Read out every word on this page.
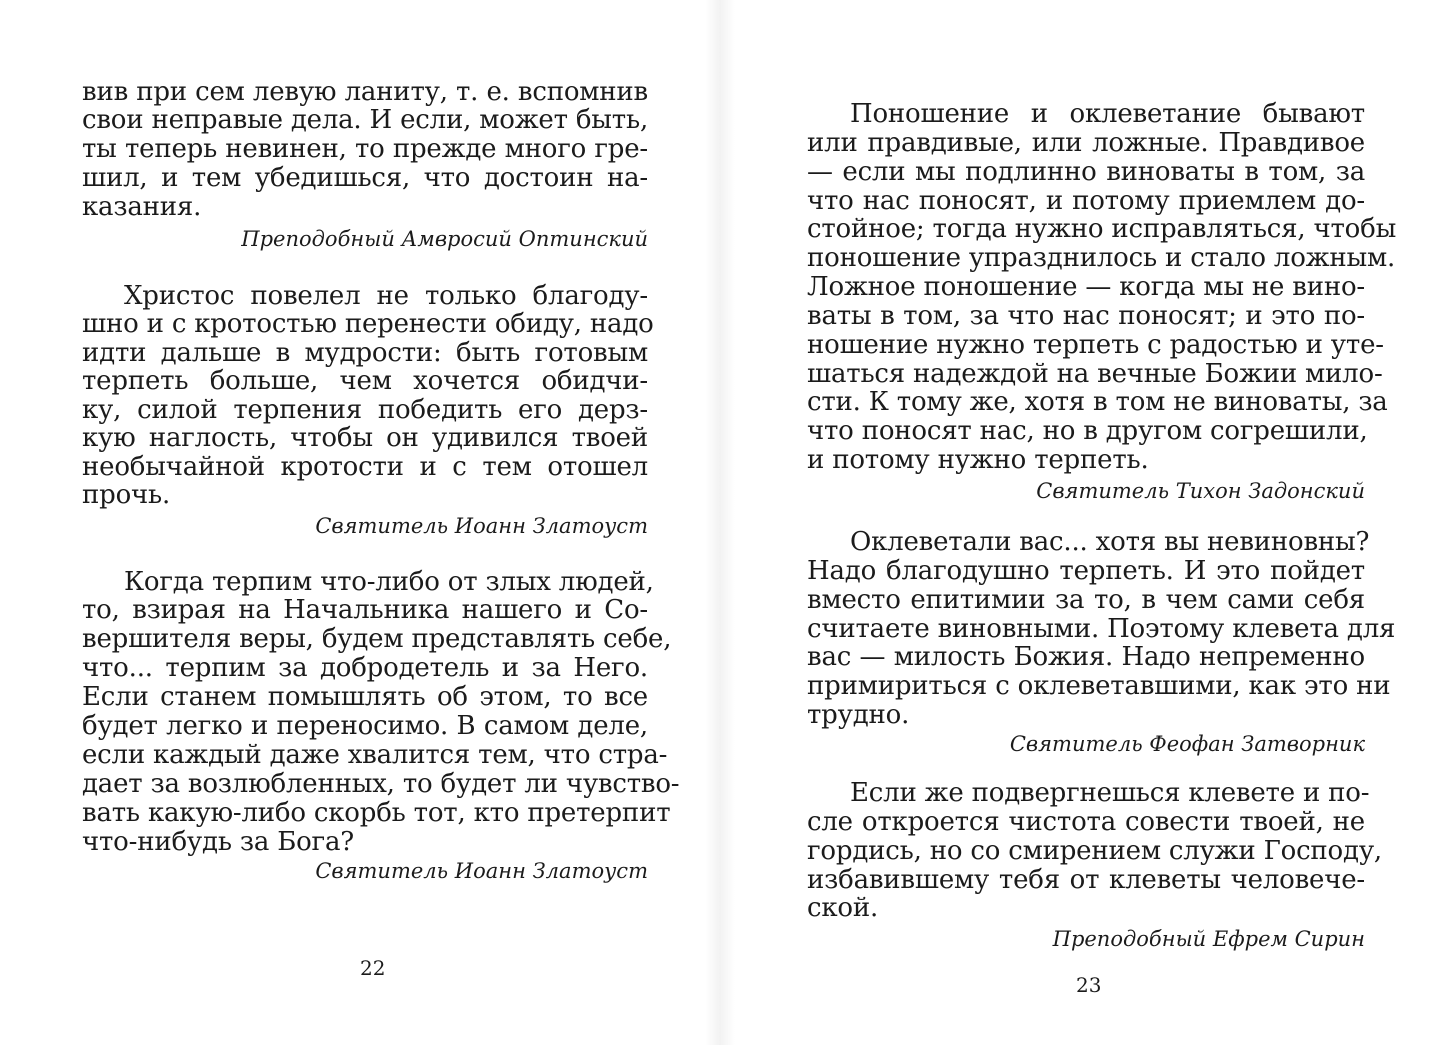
вив при сем левую ланиту, т. е. вспомнив
свои неправые дела. И если, может быть,
ты теперь невинен, то прежде много гре-
шил, и тем убедишься, что достоин на-
казания.
Преподобный Амвросий Оптинский
Христос повелел не только благоду-
шно и с кротостью перенести обиду, надо
идти дальше в мудрости: быть готовым
терпеть больше, чем хочется обидчи-
ку, силой терпения победить его дерз-
кую наглость, чтобы он удивился твоей
необычайной кротости и с тем отошел
прочь.
Святитель Иоанн Златоуст
Когда терпим что-либо от злых людей,
то, взирая на Начальника нашего и Со-
вершителя веры, будем представлять себе,
что... терпим за добродетель и за Него.
Если станем помышлять об этом, то все
будет легко и переносимо. В самом деле,
если каждый даже хвалится тем, что стра-
дает за возлюбленных, то будет ли чувство-
вать какую-либо скорбь тот, кто претерпит
что-нибудь за Бога?
Святитель Иоанн Златоуст
22
Поношение и оклеветание бывают
или правдивые, или ложные. Правдивое
— если мы подлинно виноваты в том, за
что нас поносят, и потому приемлем до-
стойное; тогда нужно исправляться, чтобы
поношение упразднилось и стало ложным.
Ложное поношение — когда мы не вино-
ваты в том, за что нас поносят; и это по-
ношение нужно терпеть с радостью и уте-
шаться надеждой на вечные Божии мило-
сти. К тому же, хотя в том не виноваты, за
что поносят нас, но в другом согрешили,
и потому нужно терпеть.
Святитель Тихон Задонский
Оклеветали вас... хотя вы невиновны?
Надо благодушно терпеть. И это пойдет
вместо епитимии за то, в чем сами себя
считаете виновными. Поэтому клевета для
вас — милость Божия. Надо непременно
примириться с оклеветавшими, как это ни
трудно.
Святитель Феофан Затворник
Если же подвергнешься клевете и по-
сле откроется чистота совести твоей, не
гордись, но со смирением служи Господу,
избавившему тебя от клеветы человече-
ской.
Преподобный Ефрем Сирин
23
